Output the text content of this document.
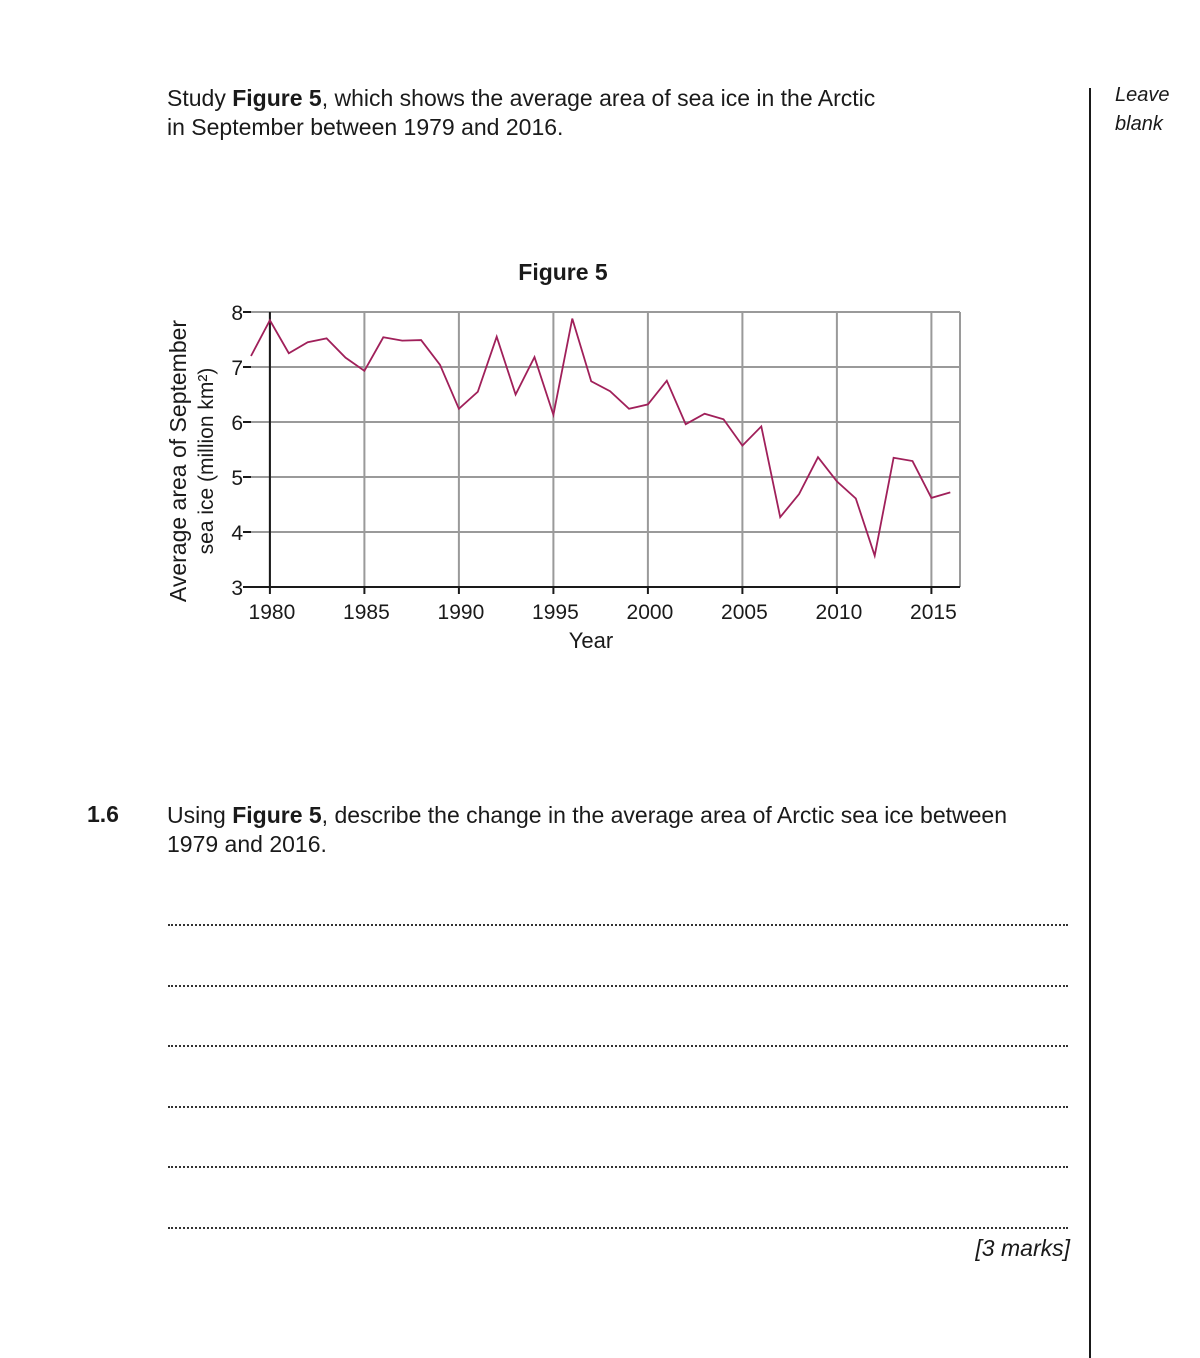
Leave
blank
Study Figure 5, which shows the average area of sea ice in the Arctic
in September between 1979 and 2016.
3
4
5
6
7
8
1980 1985 1990 1995 2000 2005 2010 2015
Figure 5
Year
Average area of September sea ice (million km²)
1.6 Using Figure 5, describe the change in the average area of Arctic sea ice between
1979 and 2016.
[3 marks]
